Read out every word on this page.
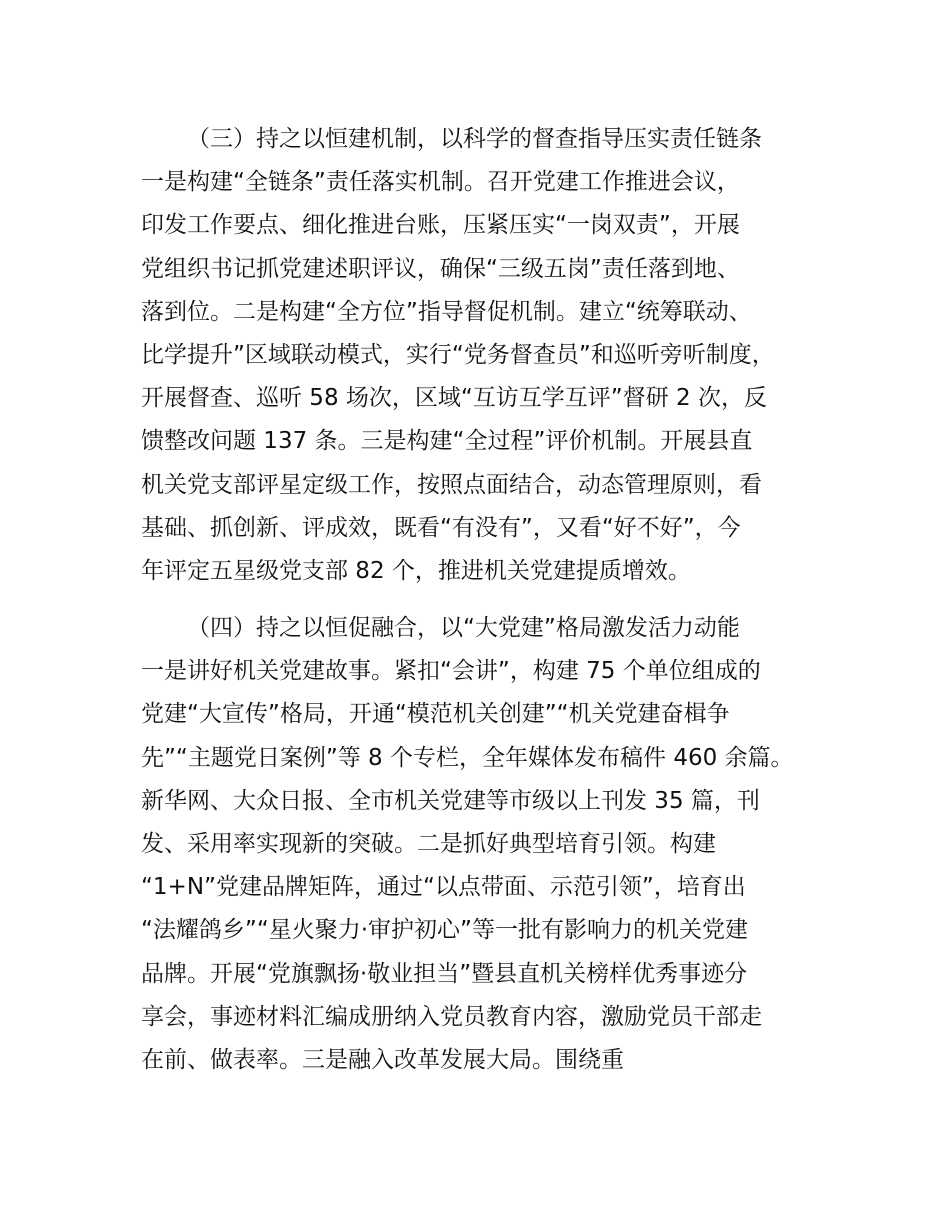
（三）持之以恒建机制，以科学的督查指导压实责任链条
一是构建“全链条”责任落实机制。召开党建工作推进会议，
印发工作要点、细化推进台账，压紧压实“一岗双责”，开展
党组织书记抓党建述职评议，确保“三级五岗”责任落到地、
落到位。二是构建“全方位”指导督促机制。建立“统筹联动、
比学提升”区域联动模式，实行“党务督查员”和巡听旁听制度，
开展督查、巡听 58 场次，区域“互访互学互评”督研 2 次，反
馈整改问题 137 条。三是构建“全过程”评价机制。开展县直
机关党支部评星定级工作，按照点面结合，动态管理原则，看
基础、抓创新、评成效，既看“有没有”，又看“好不好”，今
年评定五星级党支部 82 个，推进机关党建提质增效。
（四）持之以恒促融合，以“大党建”格局激发活力动能
一是讲好机关党建故事。紧扣“会讲”，构建 75 个单位组成的
党建“大宣传”格局，开通“模范机关创建”“机关党建奋楫争
先”“主题党日案例”等 8 个专栏，全年媒体发布稿件 460 余篇。
新华网、大众日报、全市机关党建等市级以上刊发 35 篇，刊
发、采用率实现新的突破。二是抓好典型培育引领。构建
“1+N”党建品牌矩阵，通过“以点带面、示范引领”，培育出
“法耀鸽乡”“星火聚力·审护初心”等一批有影响力的机关党建
品牌。开展“党旗飘扬·敬业担当”暨县直机关榜样优秀事迹分
享会，事迹材料汇编成册纳入党员教育内容，激励党员干部走
在前、做表率。三是融入改革发展大局。围绕重
